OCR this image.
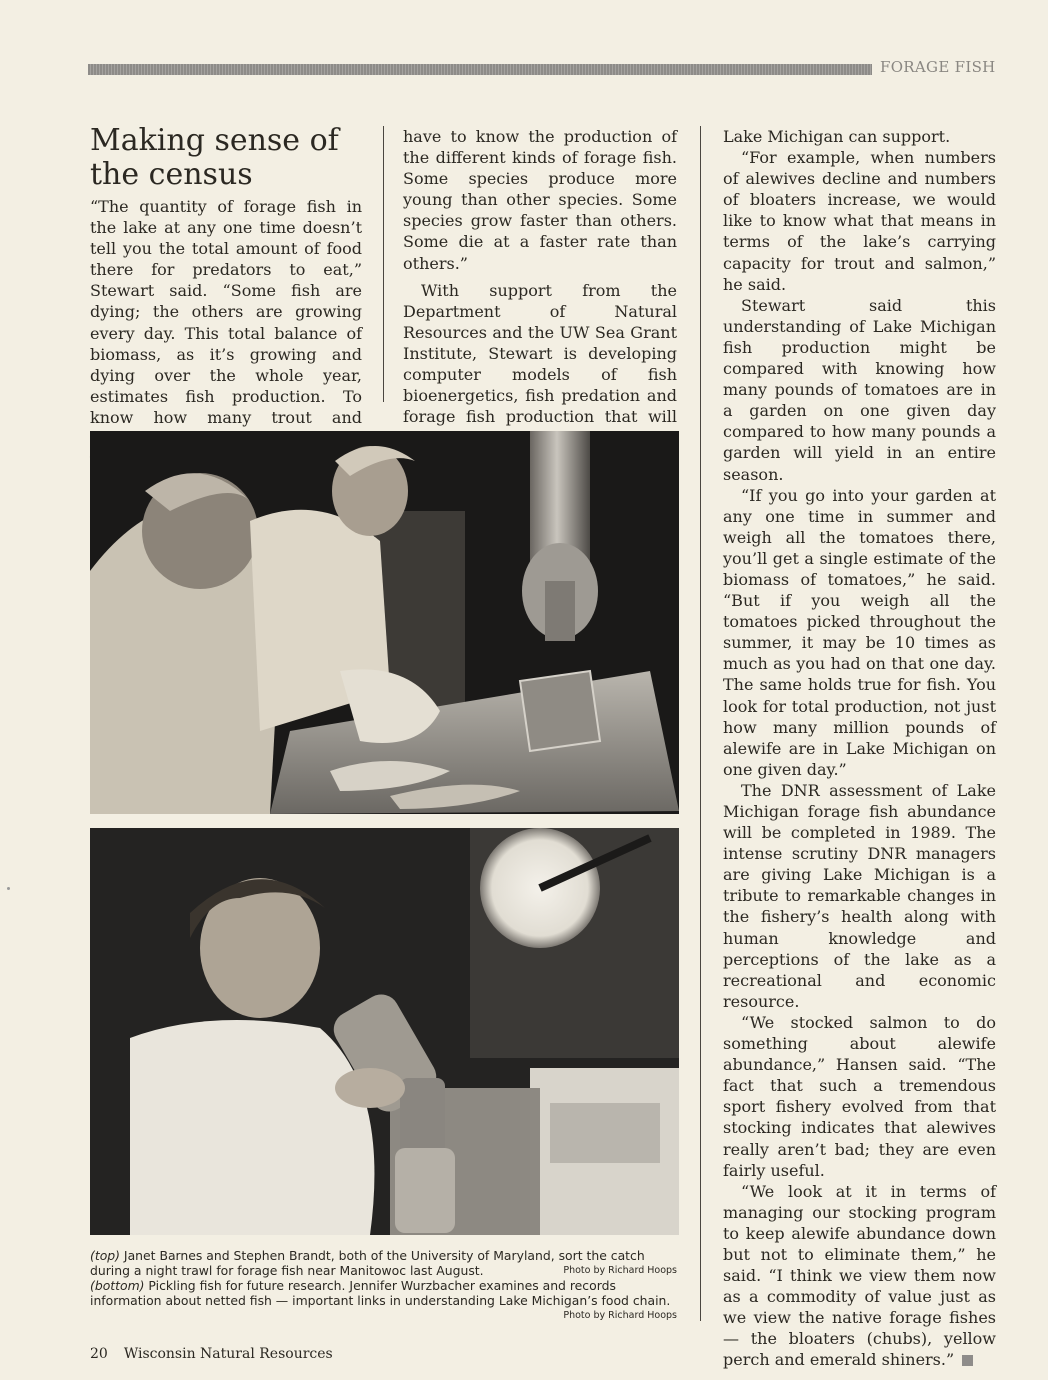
FORAGE FISH
Making sense of the census

“The quantity of forage fish in the lake at any one time doesn’t tell you the total amount of food there for predators to eat,” Stewart said. “Some fish are dying; the others are growing every day. This total balance of biomass, as it’s growing and dying over the whole year, estimates fish production. To know how many trout and

have to know the production of the different kinds of forage fish. Some species produce more young than other species. Some species grow faster than others. Some die at a faster rate than others.”

With support from the Department of Natural Resources and the UW Sea Grant Institute, Stewart is developing computer models of fish bioenergetics, fish predation and forage fish production that will

Lake Michigan can support.

“For example, when numbers of alewives decline and numbers of bloaters increase, we would like to know what that means in terms of the lake’s carrying capacity for trout and salmon,” he said.

Stewart said this understanding of Lake Michigan fish production might be compared with knowing how many pounds of tomatoes are in a garden on one given day compared to how many pounds a garden will yield in an entire season.

“If you go into your garden at any one time in summer and weigh all the tomatoes there, you’ll get a single estimate of the biomass of tomatoes,” he said. “But if you weigh all the tomatoes picked throughout the summer, it may be 10 times as much as you had on that one day. The same holds true for fish. You look for total production, not just how many million pounds of alewife are in Lake Michigan on one given day.”

The DNR assessment of Lake Michigan forage fish abundance will be completed in 1989. The intense scrutiny DNR managers are giving Lake Michigan is a tribute to remarkable changes in the fishery’s health along with human knowledge and perceptions of the lake as a recreational and economic resource.

“We stocked salmon to do something about alewife abundance,” Hansen said. “The fact that such a tremendous sport fishery evolved from that stocking indicates that alewives really aren’t bad; they are even fairly useful.

“We look at it in terms of managing our stocking program to keep alewife abundance down but not to eliminate them,” he said. “I think we view them now as a commodity of value just as we view the native forage fishes — the bloaters (chubs), yellow perch and emerald shiners.”

(top) Janet Barnes and Stephen Brandt, both of the University of Maryland, sort the catch during a night trawl for forage fish near Manitowoc last August.	Photo by Richard Hoops

(bottom) Pickling fish for future research. Jennifer Wurzbacher examines and records information about netted fish — important links in understanding Lake Michigan’s food chain.

Photo by Richard Hoops
20 Wisconsin Natural Resources
